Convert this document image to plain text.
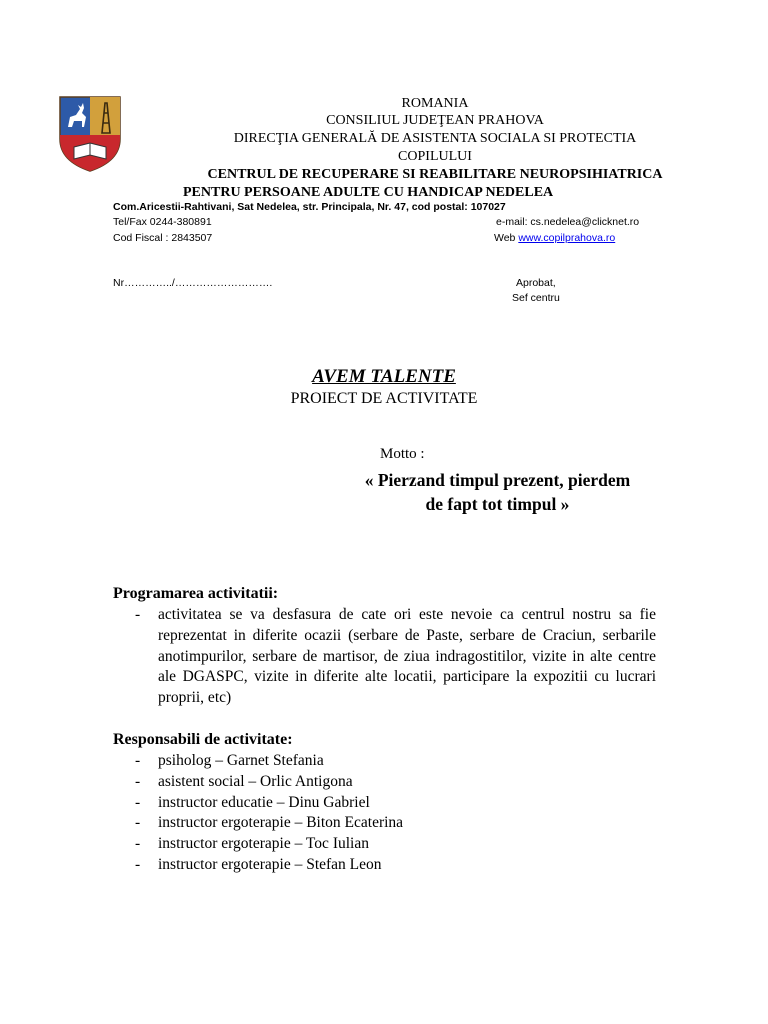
ROMANIA
CONSILIUL JUDEŢEAN PRAHOVA
DIRECŢIA GENERALĂ DE ASISTENTA SOCIALA SI PROTECTIA
COPILULUI
CENTRUL DE RECUPERARE SI REABILITARE NEUROPSIHIATRICA
PENTRU PERSOANE ADULTE CU HANDICAP NEDELEA
Com.Aricestii-Rahtivani, Sat Nedelea, str. Principala, Nr. 47, cod postal: 107027
Tel/Fax 0244-380891	e-mail: cs.nedelea@clicknet.ro
Cod Fiscal : 2843507	Web www.copilprahova.ro
Nr…………../……………………….	Aprobat,
Sef centru
AVEM TALENTE
PROIECT DE ACTIVITATE
Motto :
« Pierzand timpul prezent, pierdem
de fapt tot timpul »
Programarea activitatii:
- activitatea se va desfasura de cate ori este nevoie ca centrul nostru sa fie reprezentat in diferite ocazii (serbare de Paste, serbare de Craciun, serbarile anotimpurilor, serbare de martisor, de ziua indragostitilor, vizite in alte centre ale DGASPC, vizite in diferite alte locatii, participare la expozitii cu lucrari proprii, etc)
Responsabili de activitate:
- psiholog – Garnet Stefania
- asistent social – Orlic Antigona
- instructor educatie – Dinu Gabriel
- instructor ergoterapie – Biton Ecaterina
- instructor ergoterapie – Toc Iulian
- instructor ergoterapie – Stefan Leon
